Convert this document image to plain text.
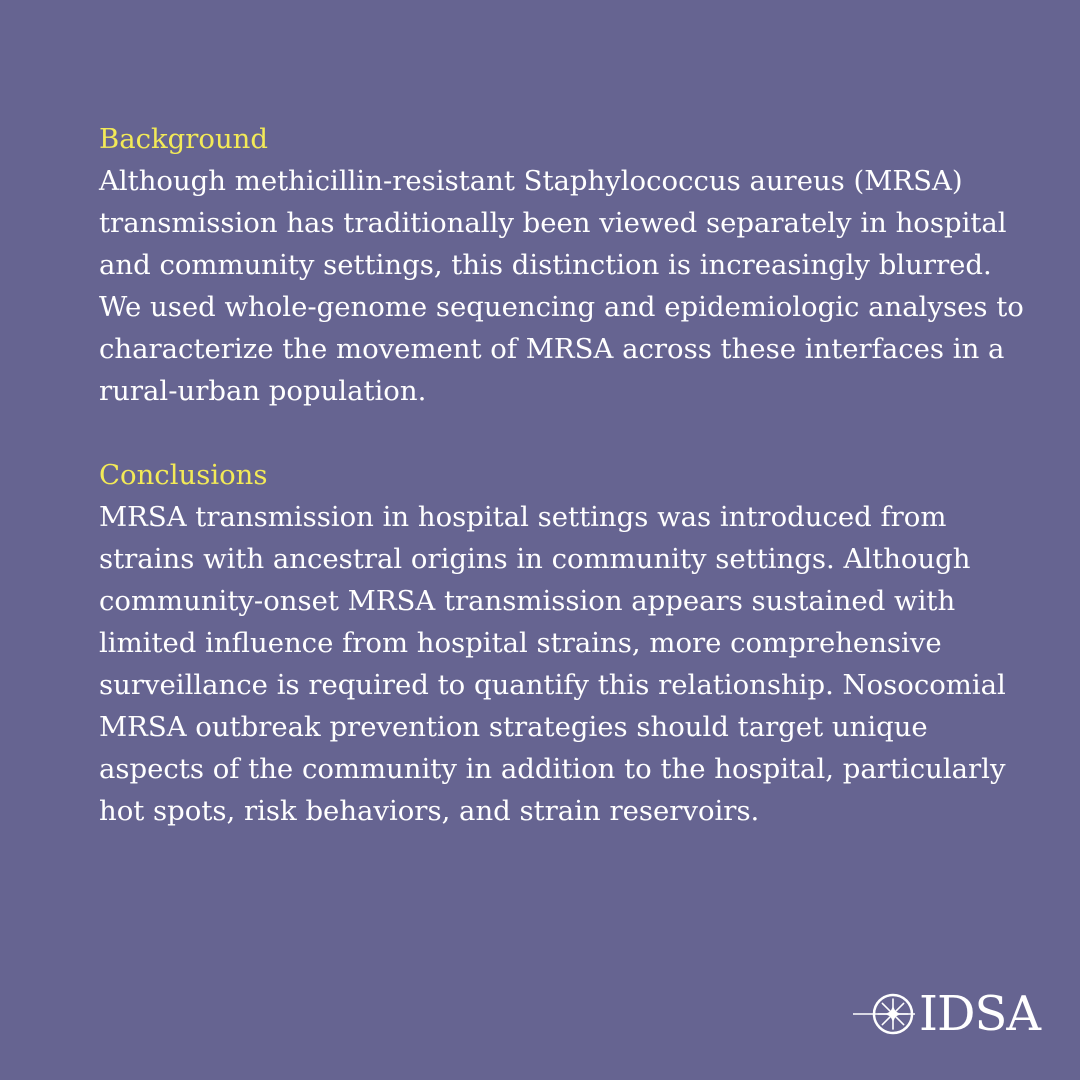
Background

Although methicillin-resistant Staphylococcus aureus (MRSA) transmission has traditionally been viewed separately in hospital and community settings, this distinction is increasingly blurred. We used whole-genome sequencing and epidemiologic analyses to characterize the movement of MRSA across these interfaces in a rural-urban population.

Conclusions

MRSA transmission in hospital settings was introduced from strains with ancestral origins in community settings. Although community-onset MRSA transmission appears sustained with limited influence from hospital strains, more comprehensive surveillance is required to quantify this relationship. Nosocomial MRSA outbreak prevention strategies should target unique aspects of the community in addition to the hospital, particularly hot spots, risk behaviors, and strain reservoirs.

IDSA
